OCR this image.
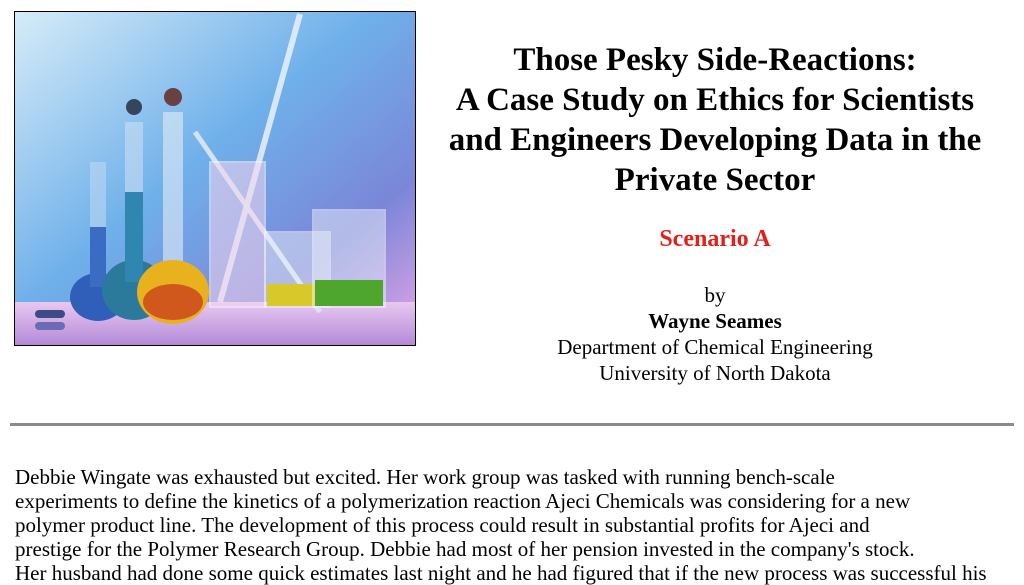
Those Pesky Side-Reactions:
A Case Study on Ethics for Scientists
and Engineers Developing Data in the
Private Sector
Scenario A
by
Wayne Seames
Department of Chemical Engineering
University of North Dakota
Debbie Wingate was exhausted but excited. Her work group was tasked with running bench-scale
experiments to define the kinetics of a polymerization reaction Ajeci Chemicals was considering for a new
polymer product line. The development of this process could result in substantial profits for Ajeci and
prestige for the Polymer Research Group. Debbie had most of her pension invested in the company's stock.
Her husband had done some quick estimates last night and he had figured that if the new process was successful his
